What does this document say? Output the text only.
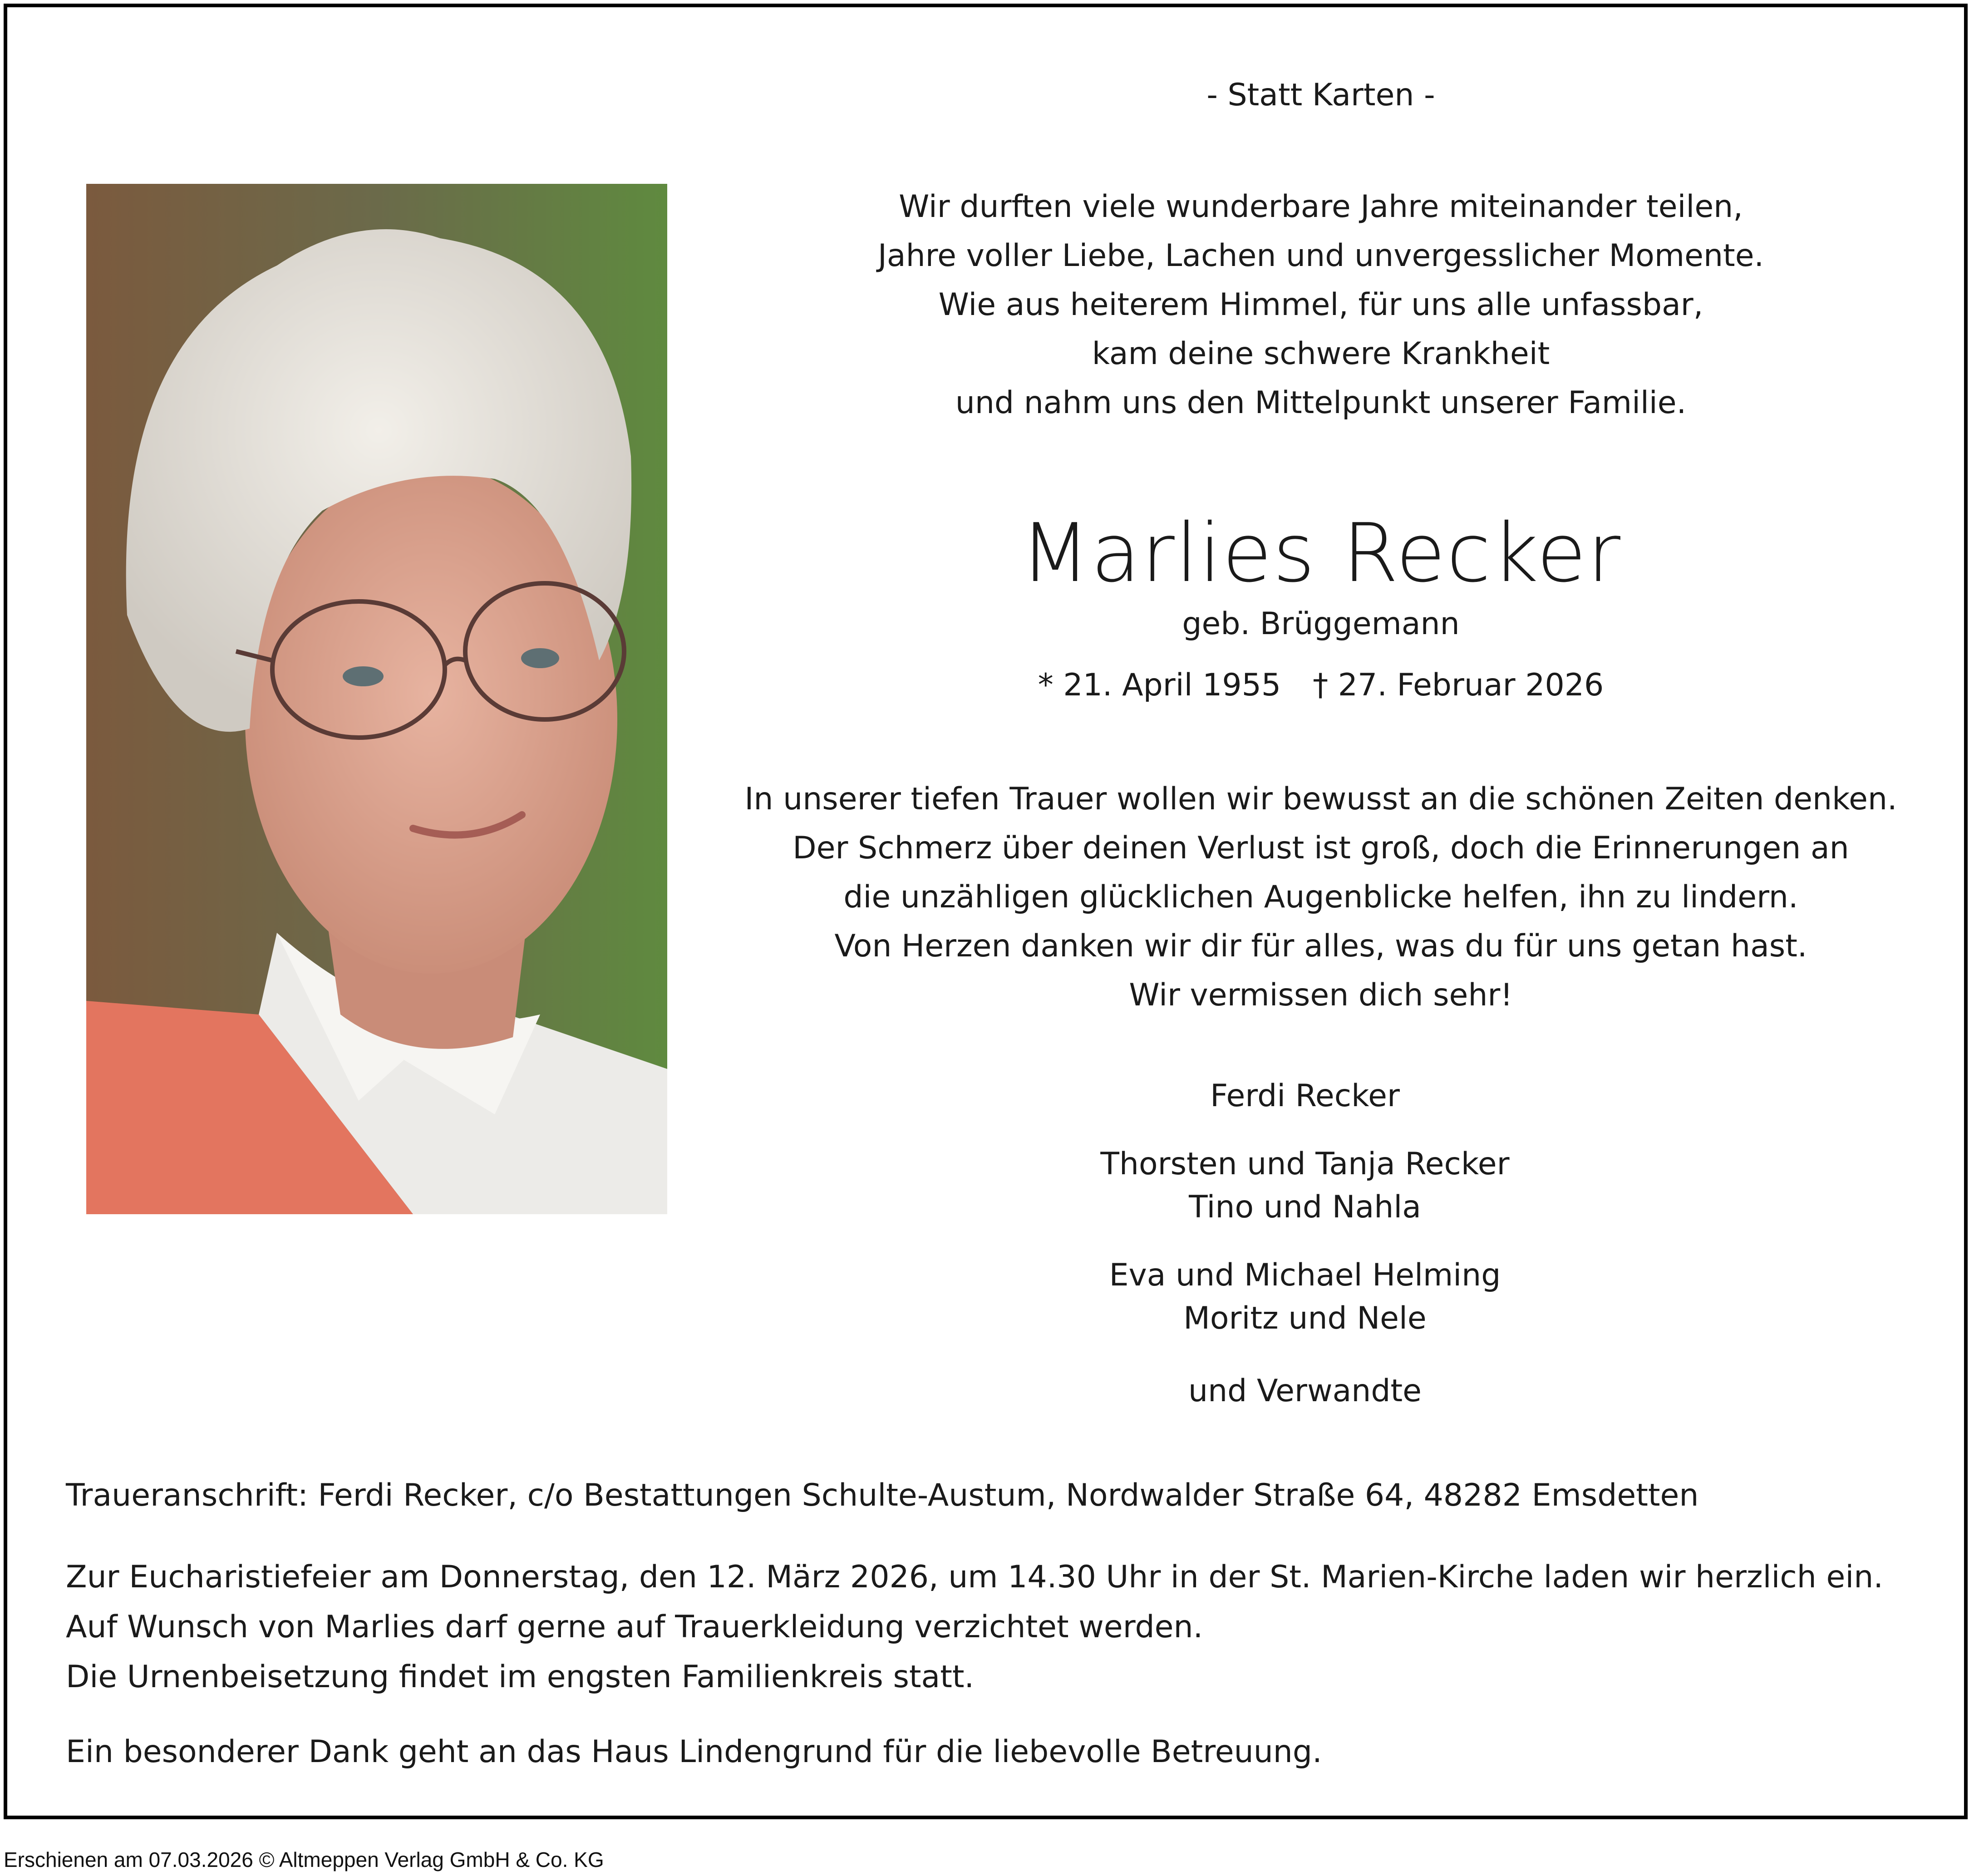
- Statt Karten -
Wir durften viele wunderbare Jahre miteinander teilen,
Jahre voller Liebe, Lachen und unvergesslicher Momente.
Wie aus heiterem Himmel, für uns alle unfassbar,
kam deine schwere Krankheit
und nahm uns den Mittelpunkt unserer Familie.
Marlies Recker
geb. Brüggemann
* 21. April 1955 † 27. Februar 2026
In unserer tiefen Trauer wollen wir bewusst an die schönen Zeiten denken.
Der Schmerz über deinen Verlust ist groß, doch die Erinnerungen an
die unzähligen glücklichen Augenblicke helfen, ihn zu lindern.
Von Herzen danken wir dir für alles, was du für uns getan hast.
Wir vermissen dich sehr!
Ferdi Recker
Thorsten und Tanja Recker
Tino und Nahla
Eva und Michael Helming
Moritz und Nele
und Verwandte
Traueranschrift: Ferdi Recker, c/o Bestattungen Schulte-Austum, Nordwalder Straße 64, 48282 Emsdetten
Zur Eucharistiefeier am Donnerstag, den 12. März 2026, um 14.30 Uhr in der St. Marien-Kirche laden wir herzlich ein.
Auf Wunsch von Marlies darf gerne auf Trauerkleidung verzichtet werden.
Die Urnenbeisetzung findet im engsten Familienkreis statt.
Ein besonderer Dank geht an das Haus Lindengrund für die liebevolle Betreuung.
Erschienen am 07.03.2026 © Altmeppen Verlag GmbH & Co. KG
